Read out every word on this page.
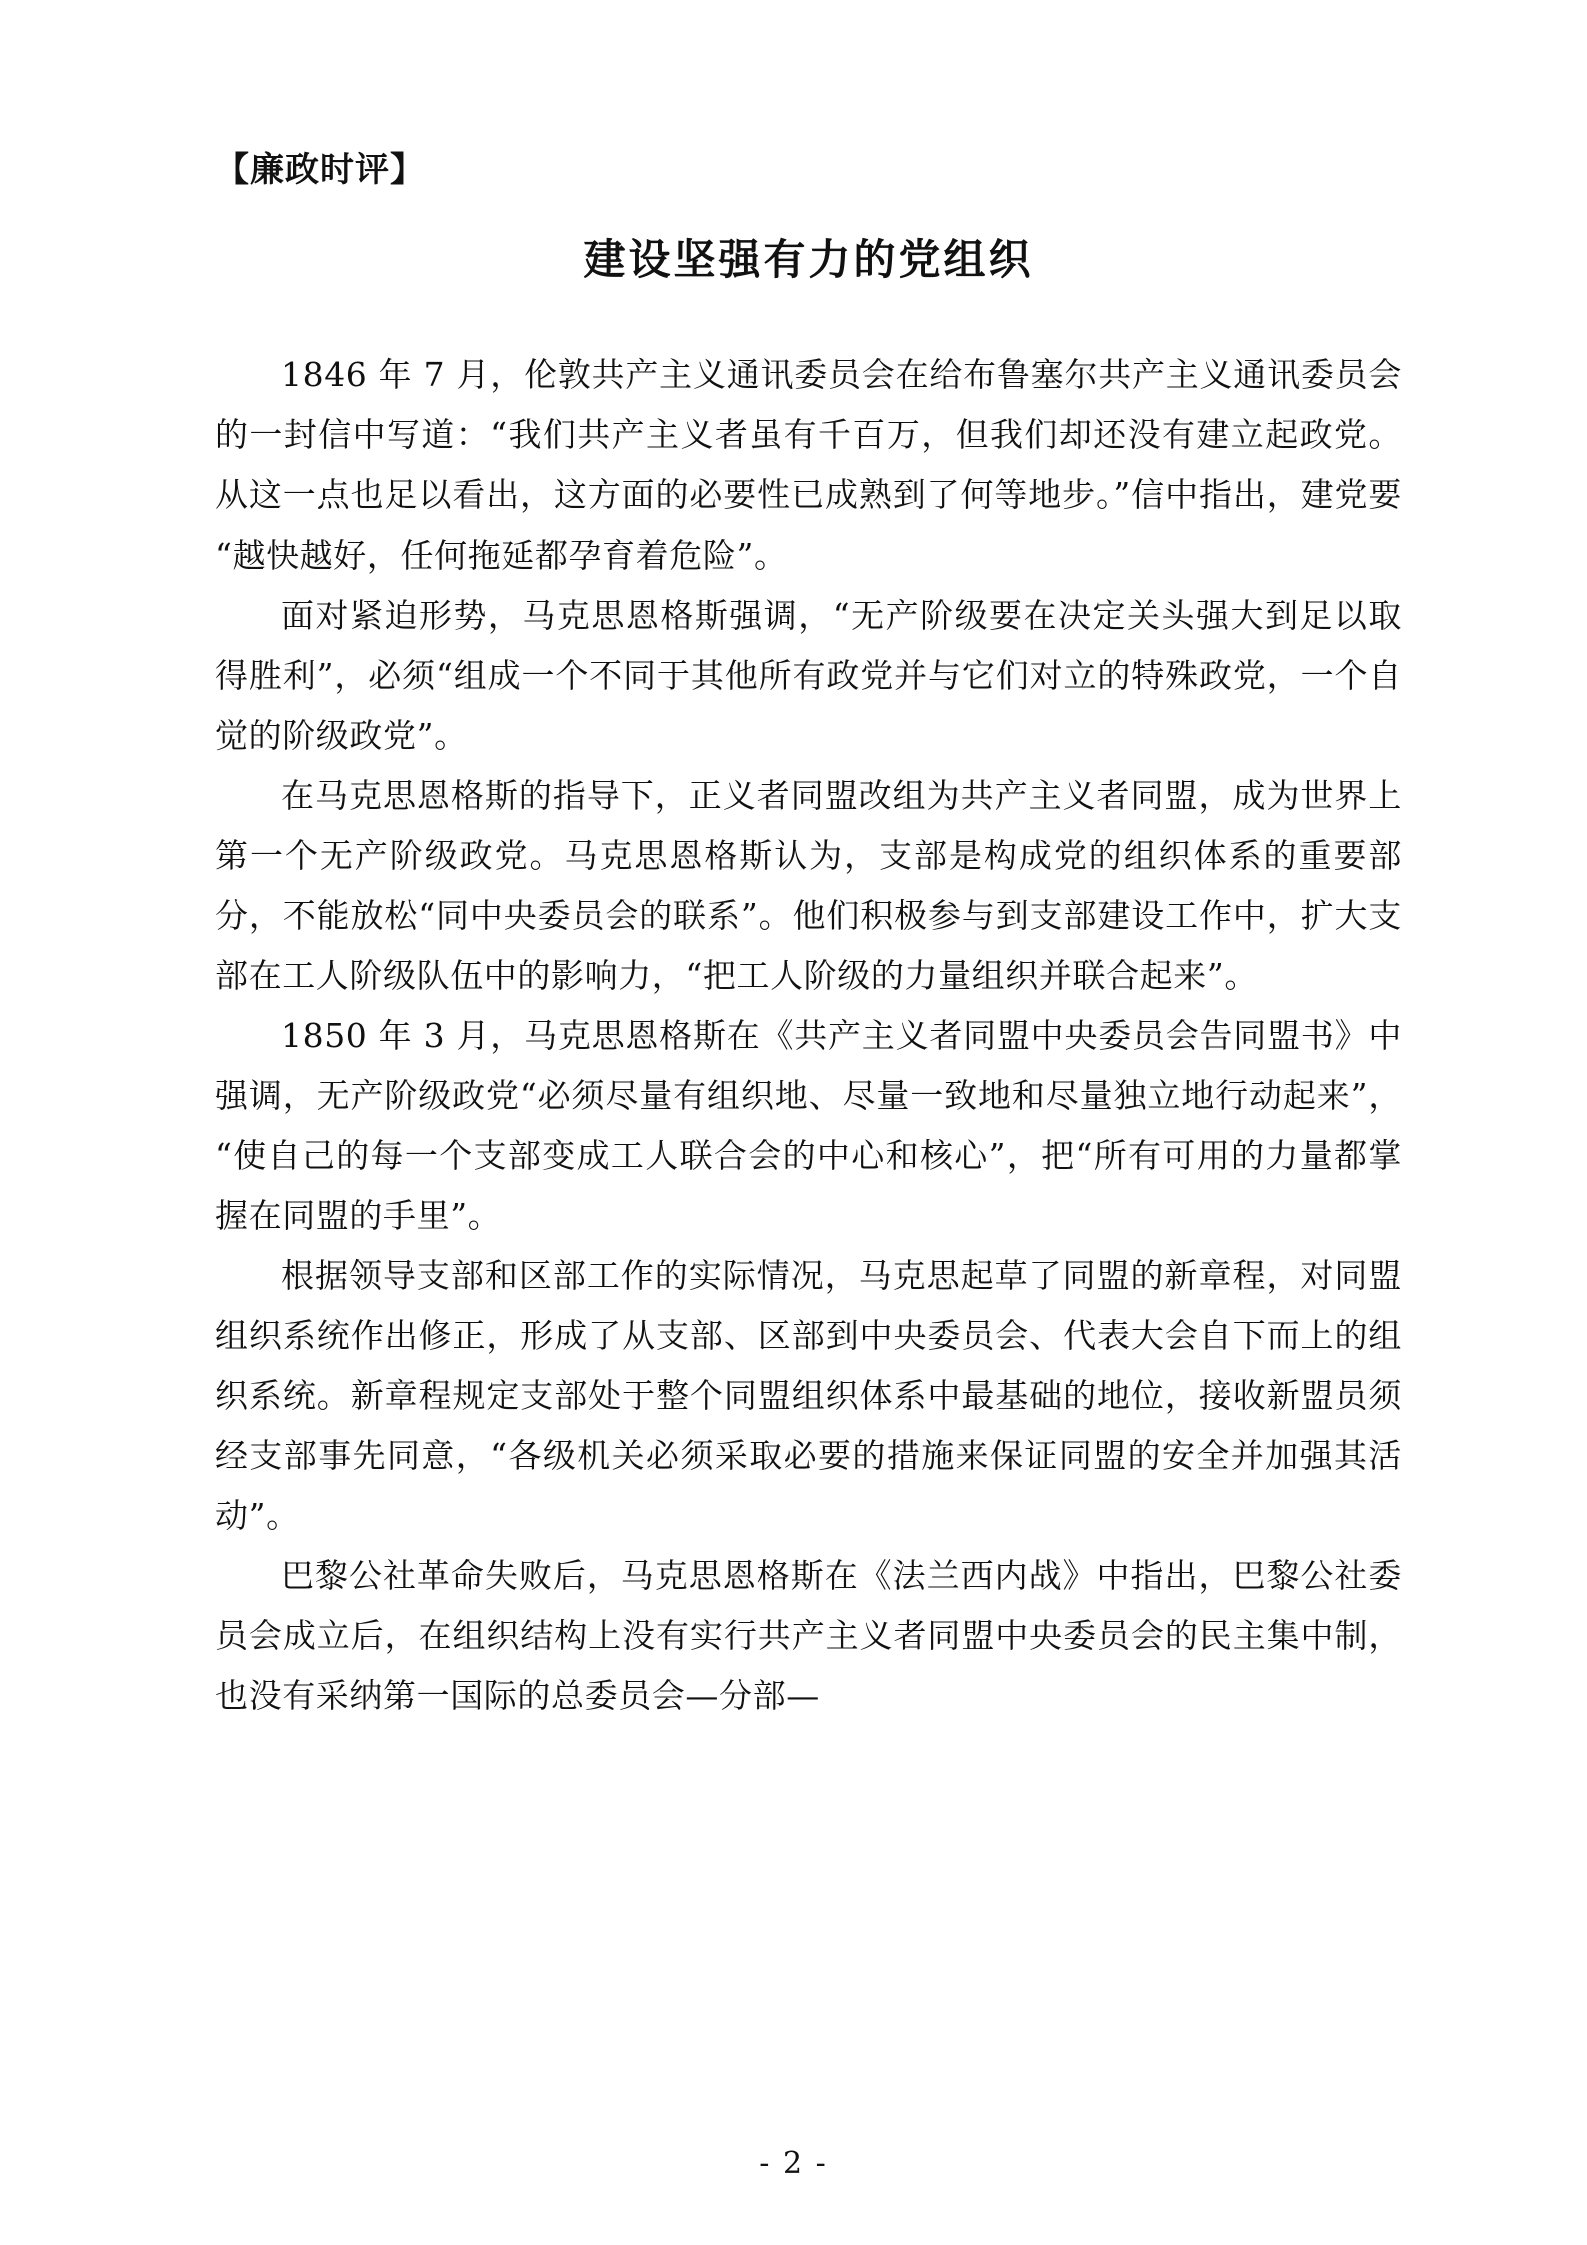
【廉政时评】
建设坚强有力的党组织

1846 年 7 月，伦敦共产主义通讯委员会在给布鲁塞尔共产主义通讯委员会的一封信中写道：“我们共产主义者虽有千百万，但我们却还没有建立起政党。从这一点也足以看出，这方面的必要性已成熟到了何等地步。”信中指出，建党要“越快越好，任何拖延都孕育着危险”。

面对紧迫形势，马克思恩格斯强调，“无产阶级要在决定关头强大到足以取得胜利”，必须“组成一个不同于其他所有政党并与它们对立的特殊政党，一个自觉的阶级政党”。

在马克思恩格斯的指导下，正义者同盟改组为共产主义者同盟，成为世界上第一个无产阶级政党。马克思恩格斯认为，支部是构成党的组织体系的重要部分，不能放松“同中央委员会的联系”。他们积极参与到支部建设工作中，扩大支部在工人阶级队伍中的影响力，“把工人阶级的力量组织并联合起来”。

1850 年 3 月，马克思恩格斯在《共产主义者同盟中央委员会告同盟书》中强调，无产阶级政党“必须尽量有组织地、尽量一致地和尽量独立地行动起来”，“使自己的每一个支部变成工人联合会的中心和核心”，把“所有可用的力量都掌握在同盟的手里”。

根据领导支部和区部工作的实际情况，马克思起草了同盟的新章程，对同盟组织系统作出修正，形成了从支部、区部到中央委员会、代表大会自下而上的组织系统。新章程规定支部处于整个同盟组织体系中最基础的地位，接收新盟员须经支部事先同意，“各级机关必须采取必要的措施来保证同盟的安全并加强其活动”。

巴黎公社革命失败后，马克思恩格斯在《法兰西内战》中指出，巴黎公社委员会成立后，在组织结构上没有实行共产主义者同盟中央委员会的民主集中制，也没有采纳第一国际的总委员会—分部—

- 2 -
